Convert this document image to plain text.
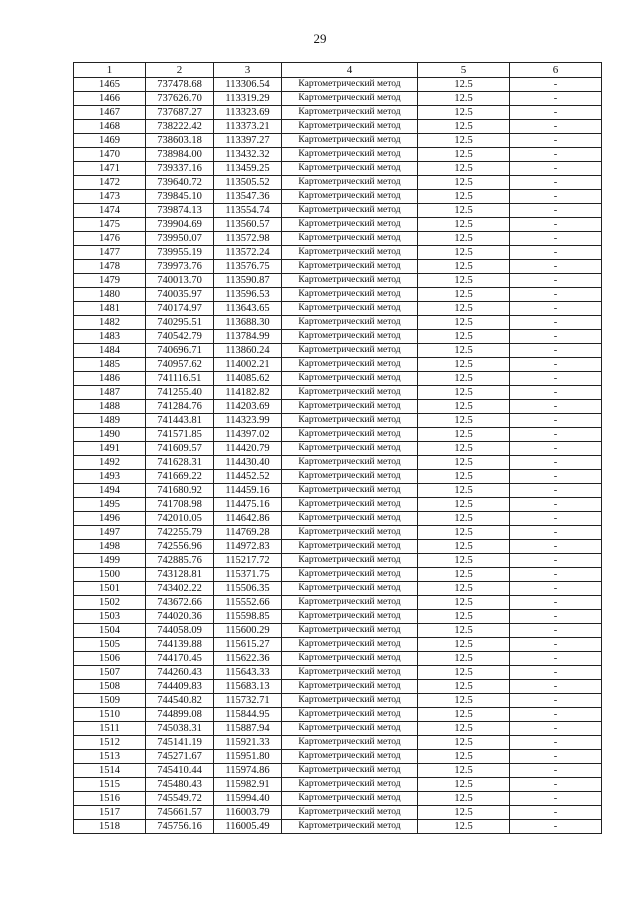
29
1	2	3	4	5	6
1465	737478.68	113306.54	Картометрический метод	12.5	-
1466	737626.70	113319.29	Картометрический метод	12.5	-
1467	737687.27	113323.69	Картометрический метод	12.5	-
1468	738222.42	113373.21	Картометрический метод	12.5	-
1469	738603.18	113397.27	Картометрический метод	12.5	-
1470	738984.00	113432.32	Картометрический метод	12.5	-
1471	739337.16	113459.25	Картометрический метод	12.5	-
1472	739640.72	113505.52	Картометрический метод	12.5	-
1473	739845.10	113547.36	Картометрический метод	12.5	-
1474	739874.13	113554.74	Картометрический метод	12.5	-
1475	739904.69	113560.57	Картометрический метод	12.5	-
1476	739950.07	113572.98	Картометрический метод	12.5	-
1477	739955.19	113572.24	Картометрический метод	12.5	-
1478	739973.76	113576.75	Картометрический метод	12.5	-
1479	740013.70	113590.87	Картометрический метод	12.5	-
1480	740035.97	113596.53	Картометрический метод	12.5	-
1481	740174.97	113643.65	Картометрический метод	12.5	-
1482	740295.51	113688.30	Картометрический метод	12.5	-
1483	740542.79	113784.99	Картометрический метод	12.5	-
1484	740696.71	113860.24	Картометрический метод	12.5	-
1485	740957.62	114002.21	Картометрический метод	12.5	-
1486	741116.51	114085.62	Картометрический метод	12.5	-
1487	741255.40	114182.82	Картометрический метод	12.5	-
1488	741284.76	114203.69	Картометрический метод	12.5	-
1489	741443.81	114323.99	Картометрический метод	12.5	-
1490	741571.85	114397.02	Картометрический метод	12.5	-
1491	741609.57	114420.79	Картометрический метод	12.5	-
1492	741628.31	114430.40	Картометрический метод	12.5	-
1493	741669.22	114452.52	Картометрический метод	12.5	-
1494	741680.92	114459.16	Картометрический метод	12.5	-
1495	741708.98	114475.16	Картометрический метод	12.5	-
1496	742010.05	114642.86	Картометрический метод	12.5	-
1497	742255.79	114769.28	Картометрический метод	12.5	-
1498	742556.96	114972.83	Картометрический метод	12.5	-
1499	742885.76	115217.72	Картометрический метод	12.5	-
1500	743128.81	115371.75	Картометрический метод	12.5	-
1501	743402.22	115506.35	Картометрический метод	12.5	-
1502	743672.66	115552.66	Картометрический метод	12.5	-
1503	744020.36	115598.85	Картометрический метод	12.5	-
1504	744058.09	115600.29	Картометрический метод	12.5	-
1505	744139.88	115615.27	Картометрический метод	12.5	-
1506	744170.45	115622.36	Картометрический метод	12.5	-
1507	744260.43	115643.33	Картометрический метод	12.5	-
1508	744409.83	115683.13	Картометрический метод	12.5	-
1509	744540.82	115732.71	Картометрический метод	12.5	-
1510	744899.08	115844.95	Картометрический метод	12.5	-
1511	745038.31	115887.94	Картометрический метод	12.5	-
1512	745141.19	115921.33	Картометрический метод	12.5	-
1513	745271.67	115951.80	Картометрический метод	12.5	-
1514	745410.44	115974.86	Картометрический метод	12.5	-
1515	745480.43	115982.91	Картометрический метод	12.5	-
1516	745549.72	115994.40	Картометрический метод	12.5	-
1517	745661.57	116003.79	Картометрический метод	12.5	-
1518	745756.16	116005.49	Картометрический метод	12.5	-
